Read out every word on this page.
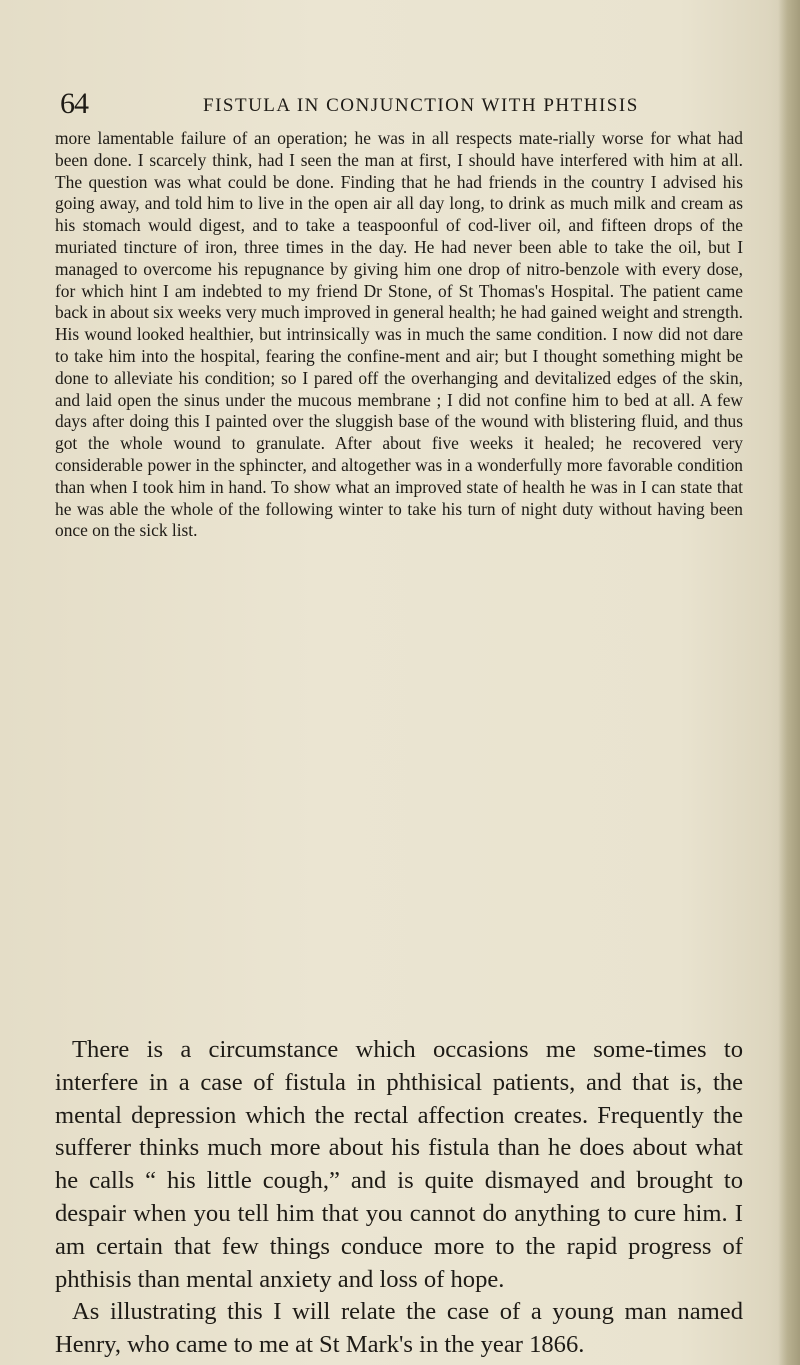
64	FISTULA IN CONJUNCTION WITH PHTHISIS

more lamentable failure of an operation; he was in all respects mate-rially worse for what had been done. I scarcely think, had I seen the man at first, I should have interfered with him at all. The question was what could be done. Finding that he had friends in the country I advised his going away, and told him to live in the open air all day long, to drink as much milk and cream as his stomach would digest, and to take a teaspoonful of cod-liver oil, and fifteen drops of the muriated tincture of iron, three times in the day. He had never been able to take the oil, but I managed to overcome his repugnance by giving him one drop of nitro-benzole with every dose, for which hint I am indebted to my friend Dr Stone, of St Thomas's Hospital. The patient came back in about six weeks very much improved in general health; he had gained weight and strength. His wound looked healthier, but intrinsically was in much the same condition. I now did not dare to take him into the hospital, fearing the confine-ment and air; but I thought something might be done to alleviate his condition; so I pared off the overhanging and devitalized edges of the skin, and laid open the sinus under the mucous membrane ; I did not confine him to bed at all. A few days after doing this I painted over the sluggish base of the wound with blistering fluid, and thus got the whole wound to granulate. After about five weeks it healed; he recovered very considerable power in the sphincter, and altogether was in a wonderfully more favorable condition than when I took him in hand. To show what an improved state of health he was in I can state that he was able the whole of the following winter to take his turn of night duty without having been once on the sick list.

There is a circumstance which occasions me some-times to interfere in a case of fistula in phthisical patients, and that is, the mental depression which the rectal affection creates. Frequently the sufferer thinks much more about his fistula than he does about what he calls “ his little cough,” and is quite dismayed and brought to despair when you tell him that you cannot do anything to cure him. I am certain that few things conduce more to the rapid progress of phthisis than mental anxiety and loss of hope.

As illustrating this I will relate the case of a young man named Henry, who came to me at St Mark's in the year 1866.
